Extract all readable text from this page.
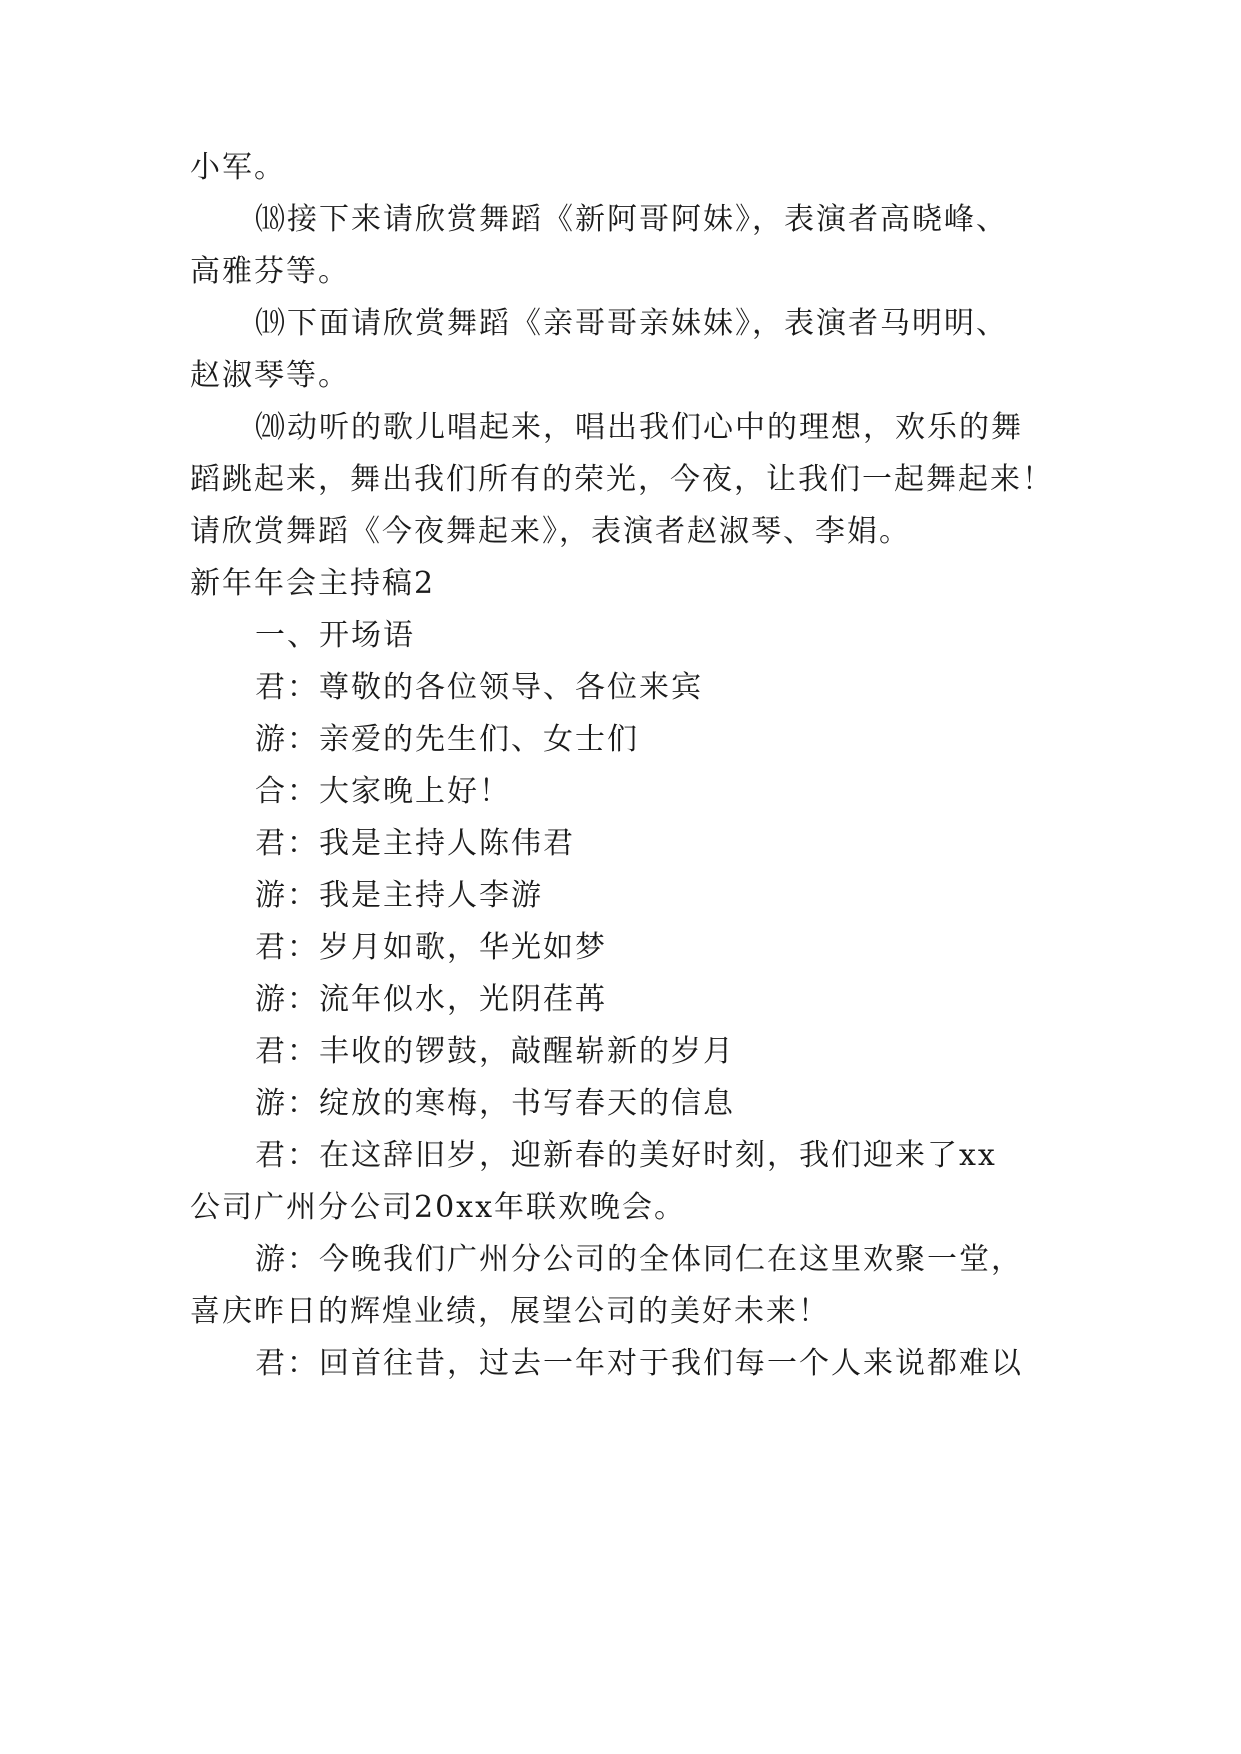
小军。
⒅接下来请欣赏舞蹈《新阿哥阿妹》，表演者高晓峰、
高雅芬等。
⒆下面请欣赏舞蹈《亲哥哥亲妹妹》，表演者马明明、
赵淑琴等。
⒇动听的歌儿唱起来，唱出我们心中的理想，欢乐的舞
蹈跳起来，舞出我们所有的荣光，今夜，让我们一起舞起来！
请欣赏舞蹈《今夜舞起来》，表演者赵淑琴、李娟。
新年年会主持稿2
一、开场语
君：尊敬的各位领导、各位来宾
游：亲爱的先生们、女士们
合：大家晚上好！
君：我是主持人陈伟君
游：我是主持人李游
君：岁月如歌，华光如梦
游：流年似水，光阴荏苒
君：丰收的锣鼓，敲醒崭新的岁月
游：绽放的寒梅，书写春天的信息
君：在这辞旧岁，迎新春的美好时刻，我们迎来了xx
公司广州分公司20xx年联欢晚会。
游：今晚我们广州分公司的全体同仁在这里欢聚一堂，
喜庆昨日的辉煌业绩，展望公司的美好未来！
君：回首往昔，过去一年对于我们每一个人来说都难以
